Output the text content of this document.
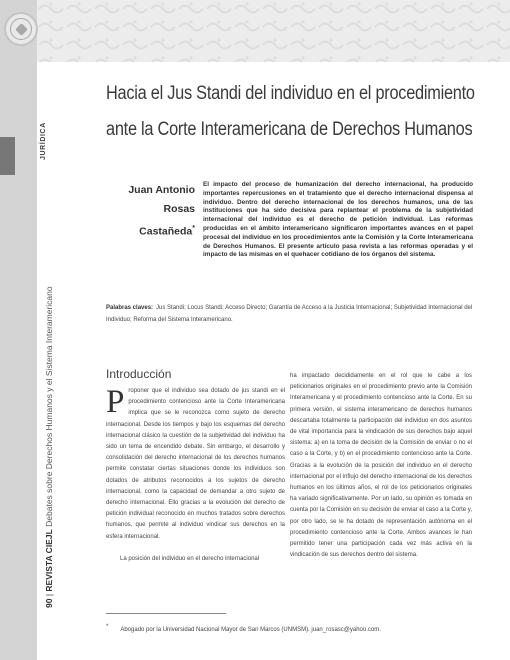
JURÍDICA
90 | REVISTA CIEJL Debates sobre Derechos Humanos y el Sistema Interamericano
Hacia el Jus Standi del individuo en el procedimiento
ante la Corte Interamericana de Derechos Humanos
Juan Antonio
Rosas
Castañeda*
El impacto del proceso de humanización del derecho internacional, ha producido importantes repercusiones en el tratamiento que el derecho internacional dispensa al individuo. Dentro del derecho internacional de los derechos humanos, una de las instituciones que ha sido decisiva para replantear el problema de la subjetividad internacional del individuo es el derecho de petición individual. Las reformas producidas en el ámbito interamericano significaron importantes avances en el papel procesal del individuo en los procedimientos ante la Comisión y la Corte Interamericana de Derechos Humanos. El presente artículo pasa revista a las reformas operadas y el impacto de las mismas en el quehacer cotidiano de los órganos del sistema.
Palabras claves: Jus Standi; Locus Standi; Acceso Directo; Garantía de Acceso a la Justicia Internacional; Subjetividad Internacional del Individuo; Reforma del Sistema Interamericano.
Introducción
Proponer que el individuo sea dotado de jus standi en el procedimiento contencioso ante la Corte Interamericana implica que se le reconozca como sujeto de derecho internacional. Desde los tiempos y bajo los esquemas del derecho internacional clásico la cuestión de la subjetividad del individuo ha sido un tema de encendido debate. Sin embargo, el desarrollo y consolidación del derecho internacional de los derechos humanos permite constatar ciertas situaciones donde los individuos son dotados de atributos reconocidos a los sujetos de derecho internacional, como la capacidad de demandar a otro sujeto de derecho internacional. Ello gracias a la evolución del derecho de petición individual reconocido en muchos tratados sobre derechos humanos, que permite al individuo vindicar sus derechos en la esfera internacional.
La posición del individuo en el derecho internacional
ha impactado decididamente en el rol que le cabe a los peticionarios originales en el procedimiento previo ante la Comisión Interamericana y el procedimiento contencioso ante la Corte. En su primera versión, el sistema interamericano de derechos humanos descartaba totalmente la participación del individuo en dos asuntos de vital importancia para la vindicación de sus derechos bajo aquel sistema: a) en la toma de decisión de la Comisión de enviar o no el caso a la Corte, y b) en el procedimiento contencioso ante la Corte. Gracias a la evolución de la posición del individuo en el derecho internacional por el influjo del derecho internacional de los derechos humanos en los últimos años, el rol de los peticionarios originales ha variado significativamente. Por un lado, su opinión es tomada en cuenta por la Comisión en su decisión de enviar el caso a la Corte y, por otro lado, se le ha dotado de representación autónoma en el procedimiento contencioso ante la Corte. Ambos avances le han permitido tener una participación cada vez más activa en la vindicación de sus derechos dentro del sistema.
* Abogado por la Universidad Nacional Mayor de San Marcos (UNMSM). juan_rosasc@yahoo.com.
